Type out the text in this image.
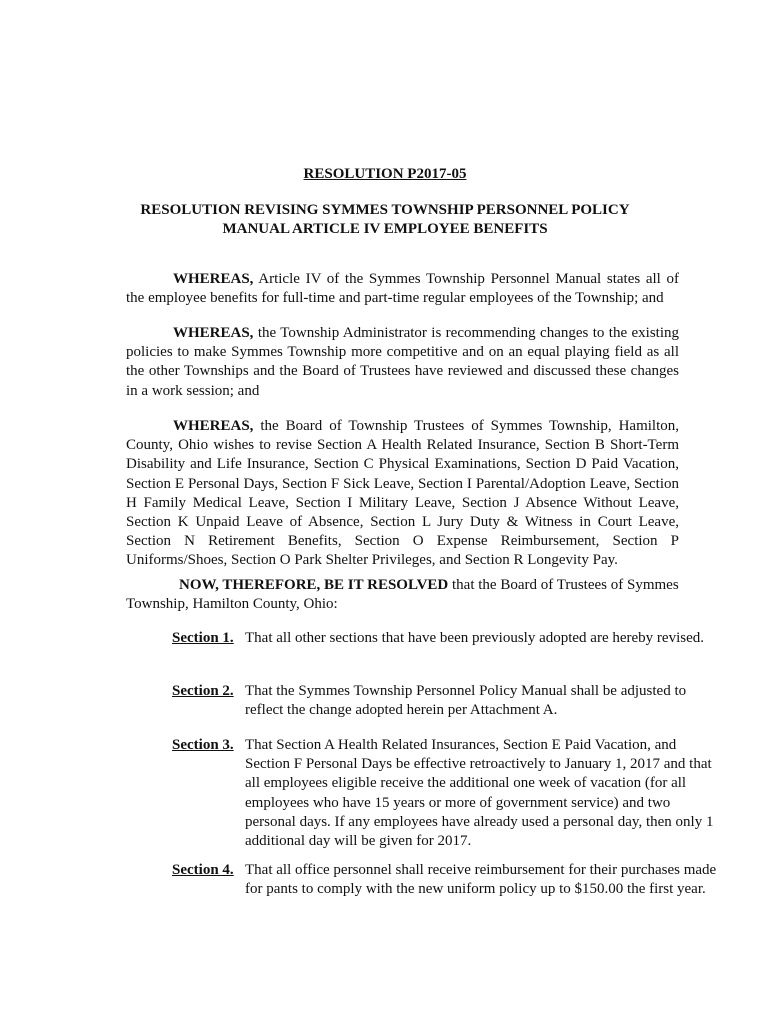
RESOLUTION P2017-05
RESOLUTION REVISING SYMMES TOWNSHIP PERSONNEL POLICY
MANUAL ARTICLE IV EMPLOYEE BENEFITS

WHEREAS, Article IV of the Symmes Township Personnel Manual states all of the employee benefits for full-time and part-time regular employees of the Township; and

WHEREAS, the Township Administrator is recommending changes to the existing policies to make Symmes Township more competitive and on an equal playing field as all the other Townships and the Board of Trustees have reviewed and discussed these changes in a work session; and

WHEREAS, the Board of Township Trustees of Symmes Township, Hamilton, County, Ohio wishes to revise Section A Health Related Insurance, Section B Short-Term Disability and Life Insurance, Section C Physical Examinations, Section D Paid Vacation, Section E Personal Days, Section F Sick Leave, Section I Parental/Adoption Leave, Section H Family Medical Leave, Section I Military Leave, Section J Absence Without Leave, Section K Unpaid Leave of Absence, Section L Jury Duty & Witness in Court Leave, Section N Retirement Benefits, Section O Expense Reimbursement, Section P Uniforms/Shoes, Section O Park Shelter Privileges, and Section R Longevity Pay.

NOW, THEREFORE, BE IT RESOLVED that the Board of Trustees of Symmes Township, Hamilton County, Ohio:

Section 1. That all other sections that have been previously adopted are hereby revised.
Section 2. That the Symmes Township Personnel Policy Manual shall be adjusted to reflect the change adopted herein per Attachment A.
Section 3. That Section A Health Related Insurances, Section E Paid Vacation, and Section F Personal Days be effective retroactively to January 1, 2017 and that all employees eligible receive the additional one week of vacation (for all employees who have 15 years or more of government service) and two personal days. If any employees have already used a personal day, then only 1 additional day will be given for 2017.
Section 4. That all office personnel shall receive reimbursement for their purchases made for pants to comply with the new uniform policy up to $150.00 the first year.
